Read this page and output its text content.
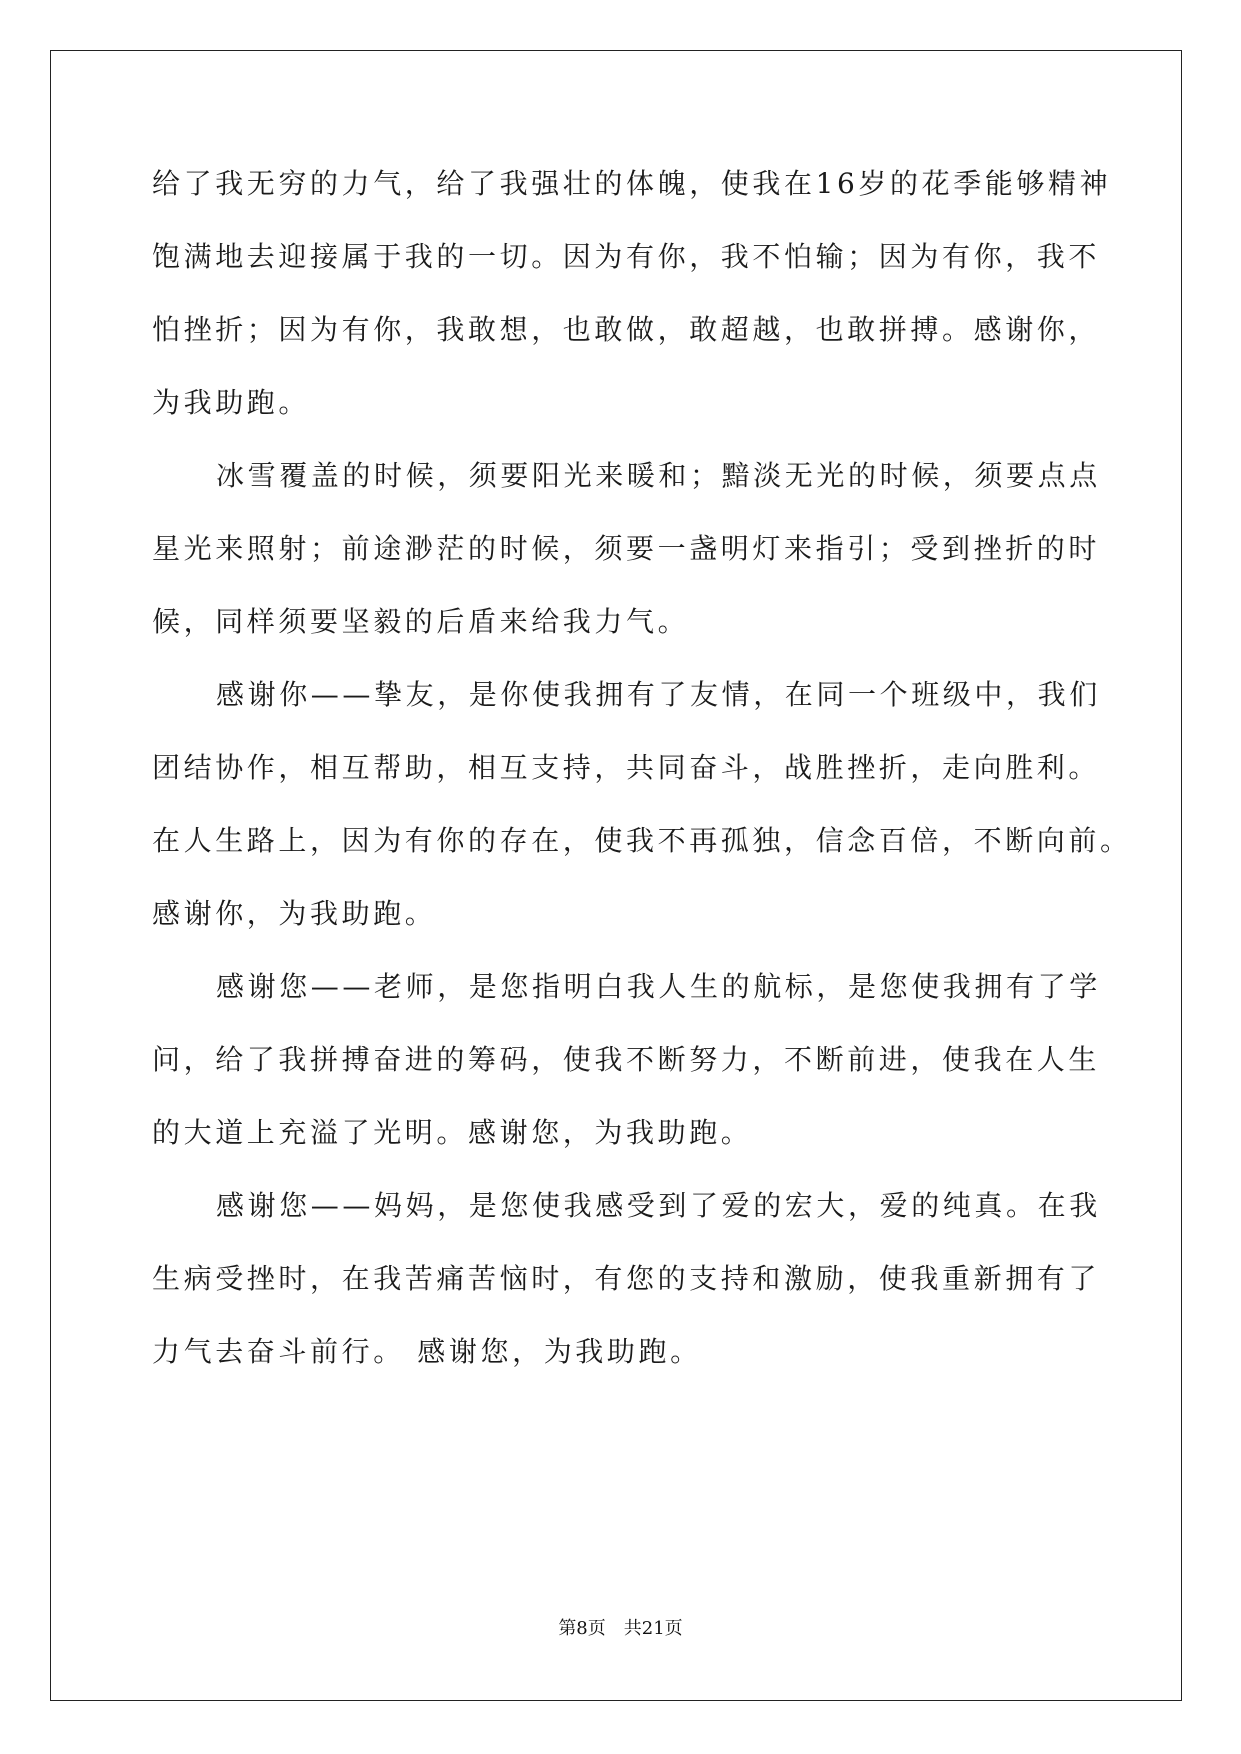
给了我无穷的力气，给了我强壮的体魄，使我在16岁的花季能够精神
饱满地去迎接属于我的一切。因为有你，我不怕输；因为有你，我不
怕挫折；因为有你，我敢想，也敢做，敢超越，也敢拼搏。感谢你，
为我助跑。
冰雪覆盖的时候，须要阳光来暖和；黯淡无光的时候，须要点点
星光来照射；前途渺茫的时候，须要一盏明灯来指引；受到挫折的时
候，同样须要坚毅的后盾来给我力气。
感谢你——挚友，是你使我拥有了友情，在同一个班级中，我们
团结协作，相互帮助，相互支持，共同奋斗，战胜挫折，走向胜利。
在人生路上，因为有你的存在，使我不再孤独，信念百倍，不断向前。
感谢你，为我助跑。
感谢您——老师，是您指明白我人生的航标，是您使我拥有了学
问，给了我拼搏奋进的筹码，使我不断努力，不断前进，使我在人生
的大道上充溢了光明。感谢您，为我助跑。
感谢您——妈妈，是您使我感受到了爱的宏大，爱的纯真。在我
生病受挫时，在我苦痛苦恼时，有您的支持和激励，使我重新拥有了
力气去奋斗前行。 感谢您，为我助跑。
第8页　共21页
